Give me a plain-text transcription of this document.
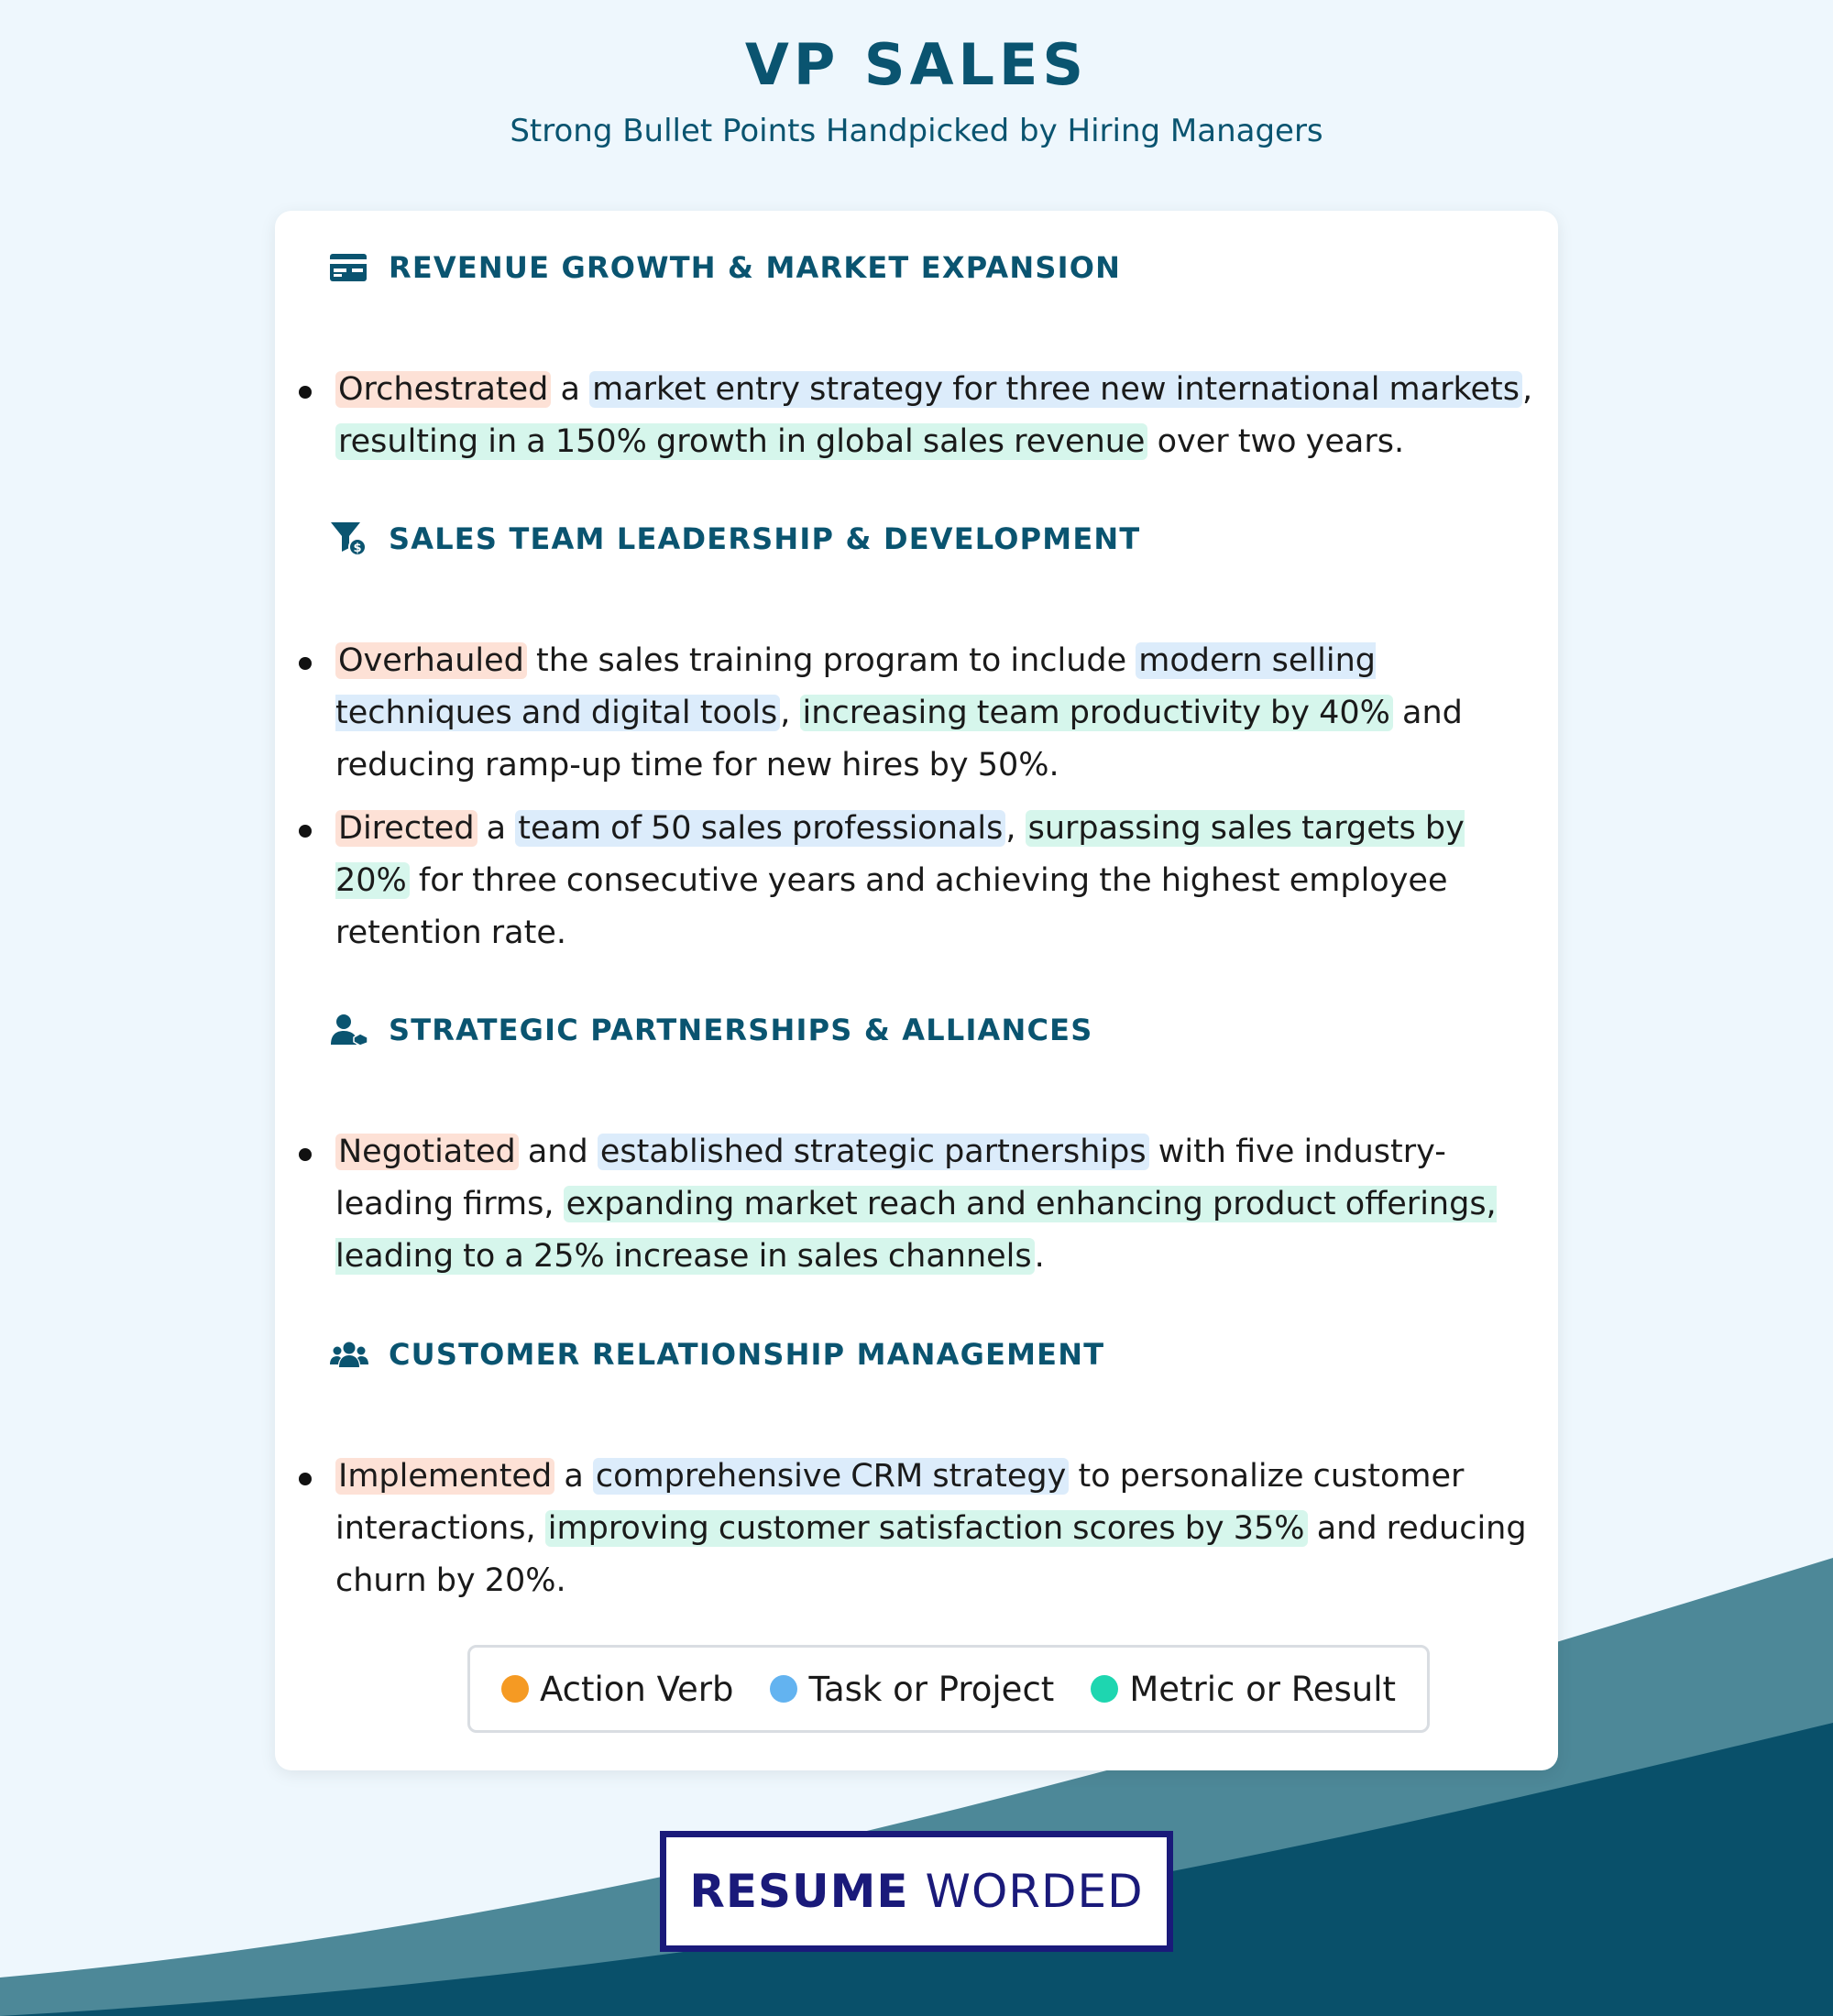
VP SALES
Strong Bullet Points Handpicked by Hiring Managers
REVENUE GROWTH & MARKET EXPANSION
Orchestrated a market entry strategy for three new international markets, resulting in a 150% growth in global sales revenue over two years.
$ SALES TEAM LEADERSHIP & DEVELOPMENT
Overhauled the sales training program to include modern selling techniques and digital tools, increasing team productivity by 40% and reducing ramp-up time for new hires by 50%.
Directed a team of 50 sales professionals, surpassing sales targets by 20% for three consecutive years and achieving the highest employee retention rate.
STRATEGIC PARTNERSHIPS & ALLIANCES
Negotiated and established strategic partnerships with five industry-leading firms, expanding market reach and enhancing product offerings, leading to a 25% increase in sales channels.
CUSTOMER RELATIONSHIP MANAGEMENT
Implemented a comprehensive CRM strategy to personalize customer interactions, improving customer satisfaction scores by 35% and reducing churn by 20%.
Action Verb Task or Project Metric or Result
RESUME WORDED
